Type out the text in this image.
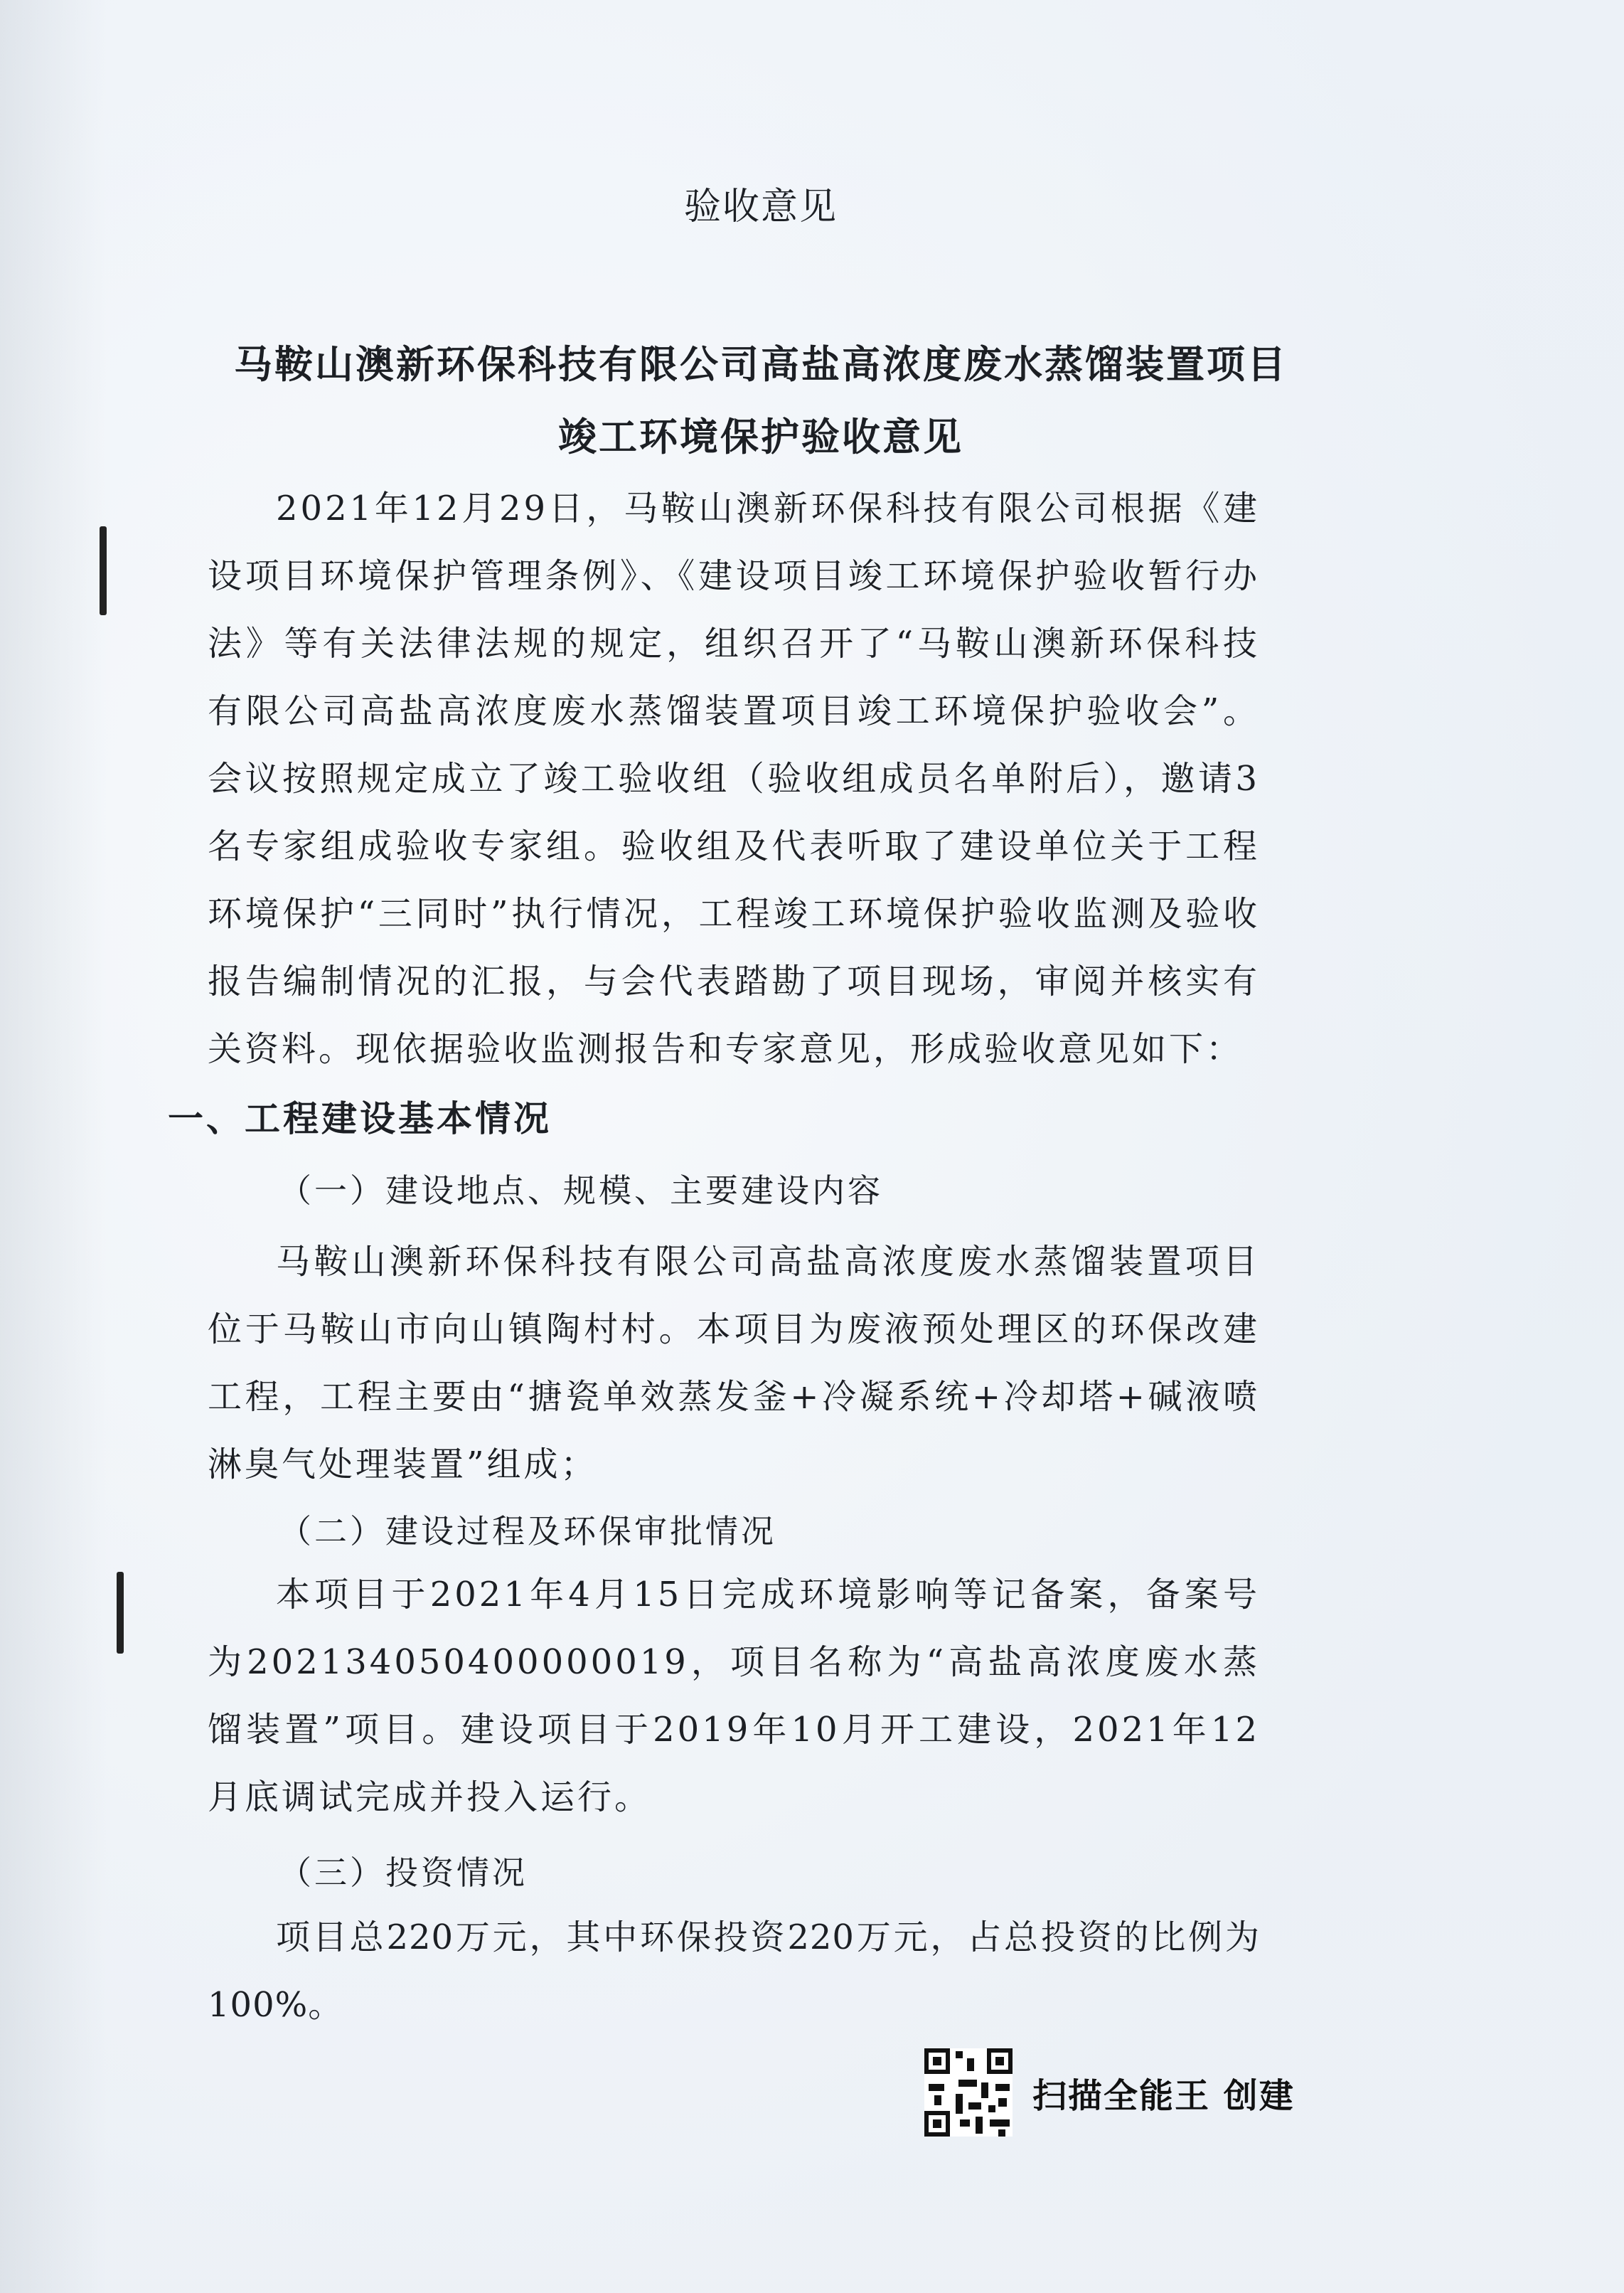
验收意见
马鞍山澳新环保科技有限公司高盐高浓度废水蒸馏装置项目
竣工环境保护验收意见

2021年12月29日，马鞍山澳新环保科技有限公司根据《建设项目环境保护管理条例》、《建设项目竣工环境保护验收暂行办法》等有关法律法规的规定，组织召开了“马鞍山澳新环保科技有限公司高盐高浓度废水蒸馏装置项目竣工环境保护验收会”。会议按照规定成立了竣工验收组（验收组成员名单附后），邀请3名专家组成验收专家组。验收组及代表听取了建设单位关于工程环境保护“三同时”执行情况，工程竣工环境保护验收监测及验收报告编制情况的汇报，与会代表踏勘了项目现场，审阅并核实有关资料。现依据验收监测报告和专家意见，形成验收意见如下：

一、工程建设基本情况
（一）建设地点、规模、主要建设内容

马鞍山澳新环保科技有限公司高盐高浓度废水蒸馏装置项目位于马鞍山市向山镇陶村村。本项目为废液预处理区的环保改建工程，工程主要由“搪瓷单效蒸发釜+冷凝系统+冷却塔+碱液喷淋臭气处理装置”组成；

（二）建设过程及环保审批情况

本项目于2021年4月15日完成环境影响等记备案，备案号为202134050400000019，项目名称为“高盐高浓度废水蒸馏装置”项目。建设项目于2019年10月开工建设，2021年12月底调试完成并投入运行。

（三）投资情况

项目总220万元，其中环保投资220万元，占总投资的比例为100%。

扫描全能王 创建
